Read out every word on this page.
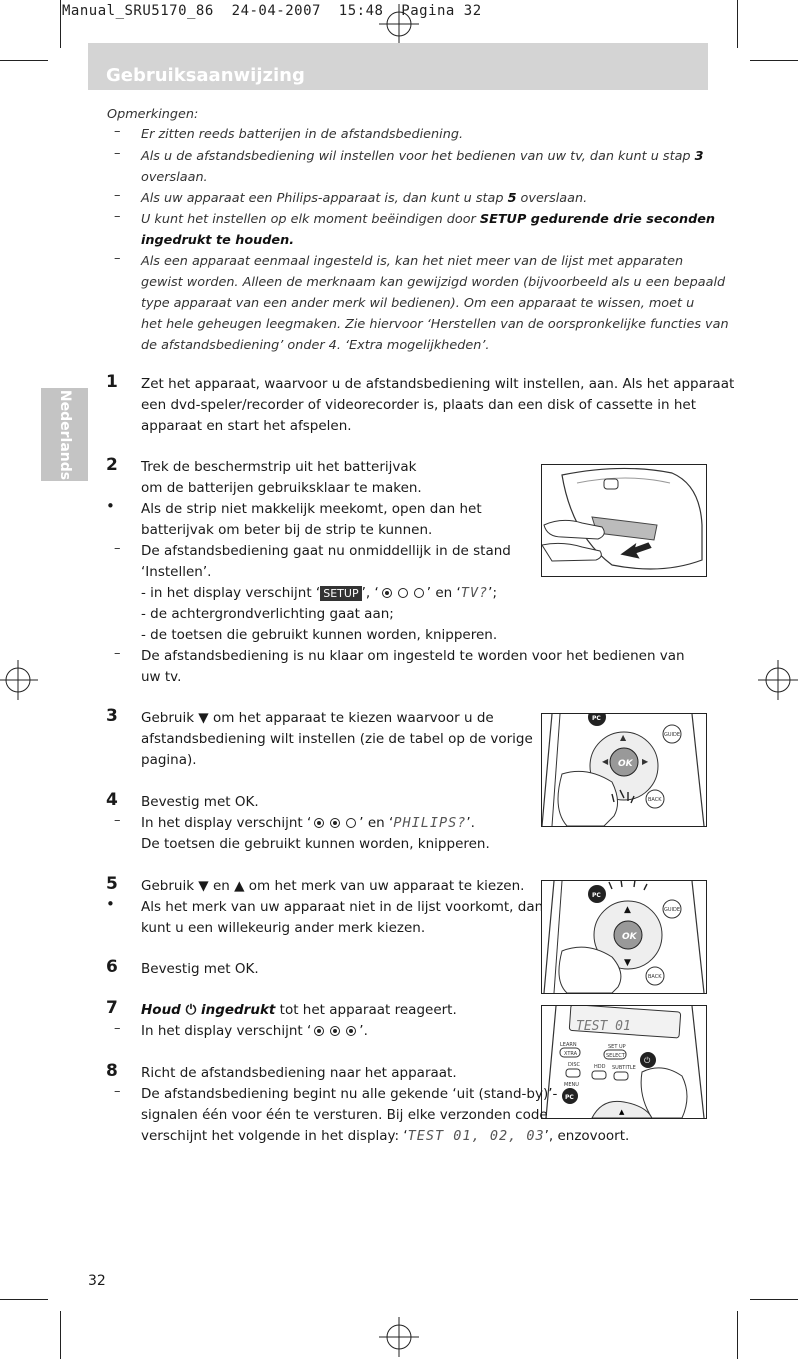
Manual_SRU5170_86  24-04-2007  15:48  Pagina 32
Gebruiksaanwijzing
Nederlands
Opmerkingen:
– Er zitten reeds batterijen in de afstandsbediening.
– Als u de afstandsbediening wil instellen voor het bedienen van uw tv, dan kunt u stap 3
overslaan.
– Als uw apparaat een Philips-apparaat is, dan kunt u stap 5 overslaan.
– U kunt het instellen op elk moment beëindigen door SETUP gedurende drie seconden
ingedrukt te houden.
– Als een apparaat eenmaal ingesteld is, kan het niet meer van de lijst met apparaten
gewist worden. Alleen de merknaam kan gewijzigd worden (bijvoorbeeld als u een bepaald
type apparaat van een ander merk wil bedienen). Om een apparaat te wissen, moet u
het hele geheugen leegmaken. Zie hiervoor ‘Herstellen van de oorspronkelijke functies van
de afstandsbediening’ onder 4. ‘Extra mogelijkheden’.
1 Zet het apparaat, waarvoor u de afstandsbediening wilt instellen, aan. Als het apparaat
een dvd-speler/recorder of videorecorder is, plaats dan een disk of cassette in het
apparaat en start het afspelen.
2 Trek de beschermstrip uit het batterijvak
om de batterijen gebruiksklaar te maken.
• Als de strip niet makkelijk meekomt, open dan het
batterijvak om beter bij de strip te kunnen.
– De afstandsbediening gaat nu onmiddellijk in de stand
‘Instellen’.
- in het display verschijnt ‘ SETUP ’, ‘	’ en ‘TV?’;
- de achtergrondverlichting gaat aan;
- de toetsen die gebruikt kunnen worden, knipperen.
– De afstandsbediening is nu klaar om ingesteld te worden voor het bedienen van
uw tv.
3 Gebruik ▼ om het apparaat te kiezen waarvoor u de
afstandsbediening wilt instellen (zie de tabel op de vorige
pagina).	OK
◀	▶
▲	GUIDE
BACK
PC
4 Bevestig met OK.
– In het display verschijnt ‘	’ en ‘PHILIPS?’.
De toetsen die gebruikt kunnen worden, knipperen.
5 Gebruik ▼ en ▲ om het merk van uw apparaat te kiezen.
• Als het merk van uw apparaat niet in de lijst voorkomt, dan
kunt u een willekeurig ander merk kiezen.
PC
OK
▲
▼
GUIDE
BACK
6 Bevestig met OK.
7 Houd ⏻ ingedrukt tot het apparaat reageert.
– In het display verschijnt ‘	’.	TEST 01
LEARN
XTRA
SET UP
SELECT ⏻
DISC	HDD SUBTITLE
MENU
PC
▲
8 Richt de afstandsbediening naar het apparaat.
– De afstandsbediening begint nu alle gekende ‘uit (stand-by)’-
signalen één voor één te versturen. Bij elke verzonden code
verschijnt het volgende in het display: ‘TEST 01, 02, 03’, enzovoort.
32
